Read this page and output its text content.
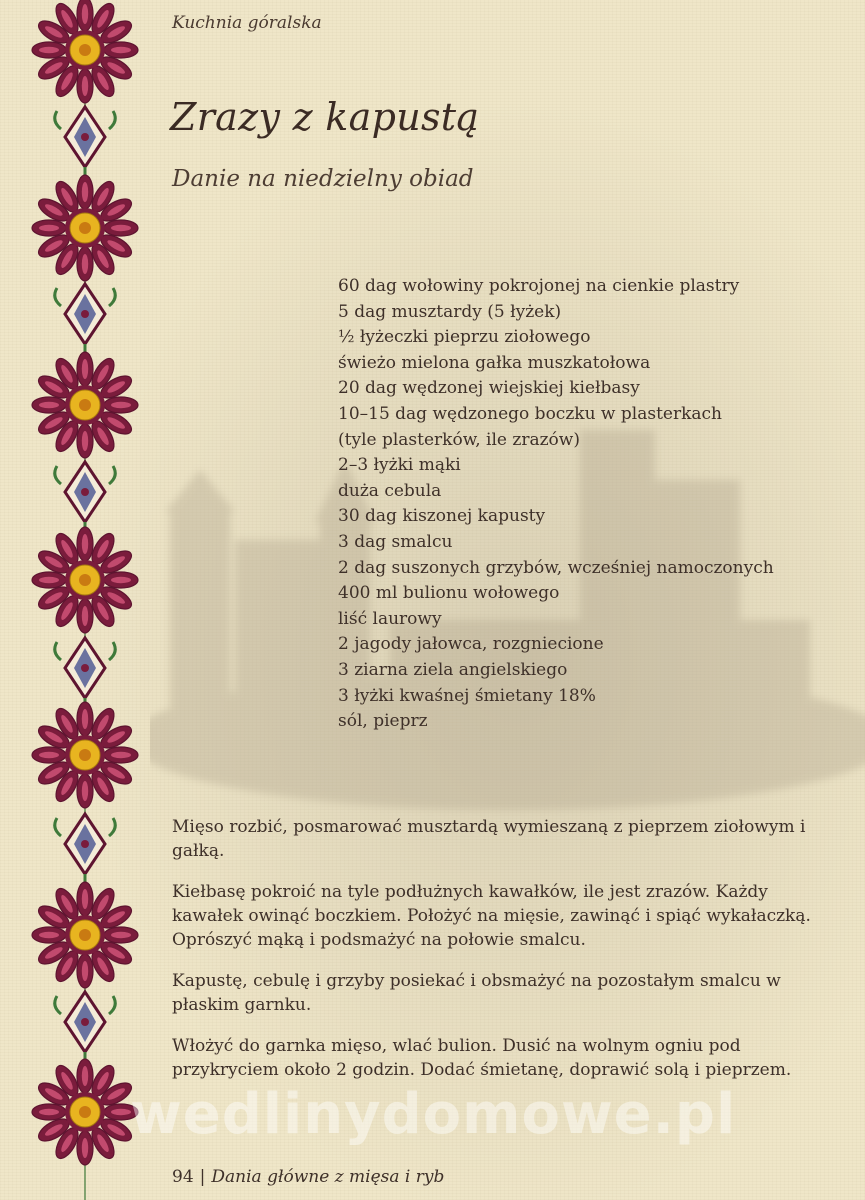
Kuchnia góralska
Zrazy z kapustą
Danie na niedzielny obiad
60 dag wołowiny pokrojonej na cienkie plastry
5 dag musztardy (5 łyżek)
½ łyżeczki pieprzu ziołowego
świeżo mielona gałka muszkatołowa
20 dag wędzonej wiejskiej kiełbasy
10–15 dag wędzonego boczku w plasterkach
(tyle plasterków, ile zrazów)
2–3 łyżki mąki
duża cebula
30 dag kiszonej kapusty
3 dag smalcu
2 dag suszonych grzybów, wcześniej namoczonych
400 ml bulionu wołowego
liść laurowy
2 jagody jałowca, rozgniecione
3 ziarna ziela angielskiego
3 łyżki kwaśnej śmietany 18%
sól, pieprz

Mięso rozbić, posmarować musztardą wymieszaną z pieprzem ziołowym i gałką.

Kiełbasę pokroić na tyle podłużnych kawałków, ile jest zrazów. Każdy kawałek owinąć boczkiem. Położyć na mięsie, zawinąć i spiąć wykałaczką. Oprószyć mąką i podsmażyć na połowie smalcu.

Kapustę, cebulę i grzyby posiekać i obsmażyć na pozostałym smalcu w płaskim garnku.

Włożyć do garnka mięso, wlać bulion. Dusić na wolnym ogniu pod przykryciem około 2 godzin. Dodać śmietanę, doprawić solą i pieprzem.

wedlinydomowe.pl
94 | Dania główne z mięsa i ryb
